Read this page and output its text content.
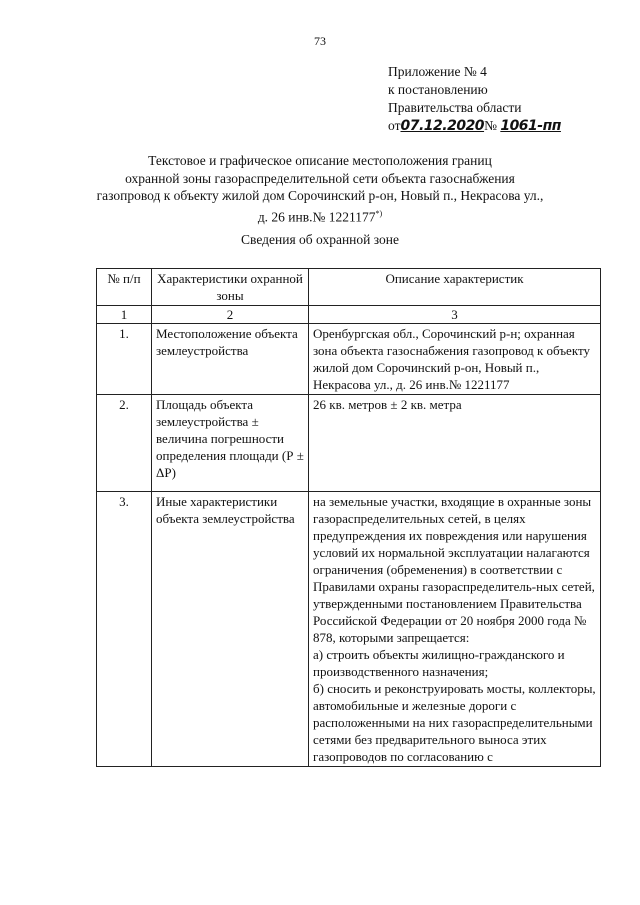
73
Приложение № 4
к постановлению
Правительства области
от07.12.2020№ 1061-пп
Текстовое и графическое описание местоположения границ
охранной зоны газораспределительной сети объекта газоснабжения
газопровод к объекту жилой дом Сорочинский р-он, Новый п., Некрасова ул.,
д. 26 инв.№ 1221177*)
Сведения об охранной зоне
№ п/п	Характеристики охранной зоны	Описание характеристик
1	2	3
1.	Местоположение объекта землеустройства	Оренбургская обл., Сорочинский р-н; охранная зона объекта газоснабжения газопровод к объекту жилой дом Сорочинский р-он, Новый п., Некрасова ул., д. 26 инв.№ 1221177
2.	Площадь объекта землеустройства ± величина погрешности определения площади (Р ± ΔР)	26 кв. метров ± 2 кв. метра
3.	Иные характеристики объекта землеустройства	на земельные участки, входящие в охранные зоны газораспределительных сетей, в целях предупреждения их повреждения или нарушения условий их нормальной эксплуатации налагаются ограничения (обременения) в соответствии с Правилами охраны газораспределитель-ных сетей, утвержденными постановлением Правительства Российской Федерации от 20 ноября 2000 года № 878, которыми запрещается:
а) строить объекты жилищно-гражданского и производственного назначения;
б) сносить и реконструировать мосты, коллекторы, автомобильные и железные дороги с расположенными на них газораспределительными сетями без предварительного выноса этих газопроводов по согласованию с
